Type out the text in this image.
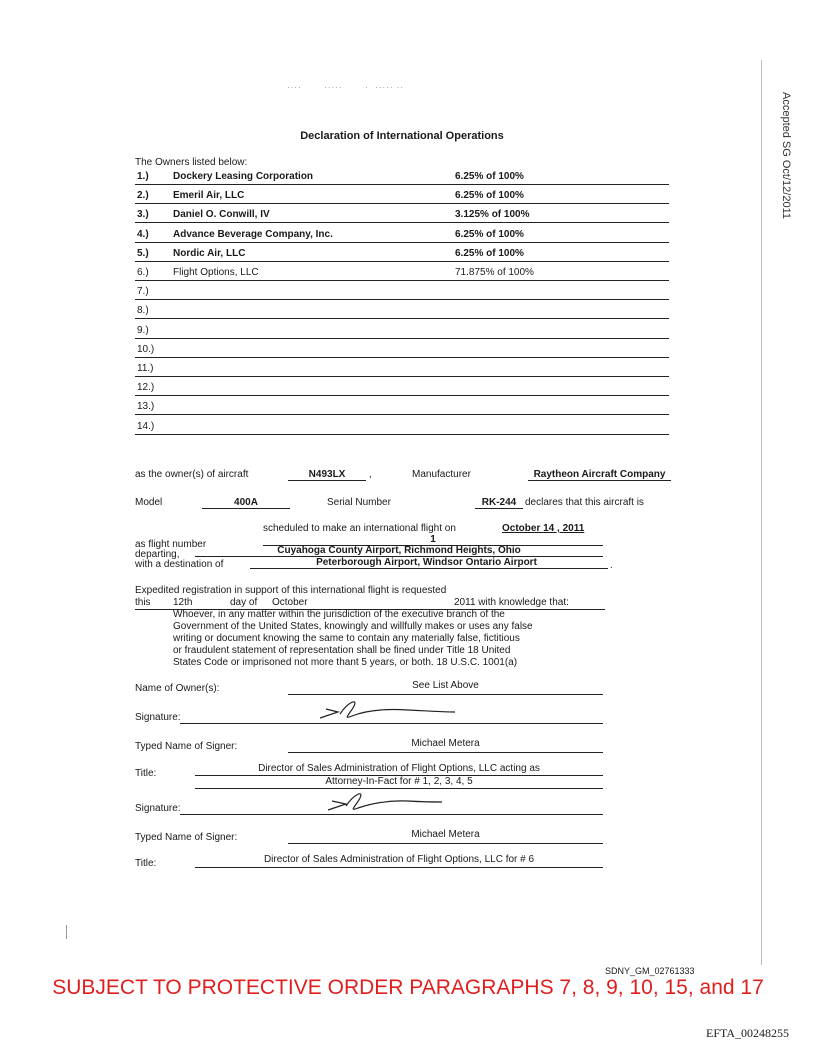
····       ·····       ·  ····· ··
Accepted SG Oct/12/2011
Declaration of International Operations
The Owners listed below:
1.) Dockery Leasing Corporation	6.25% of 100%
2.) Emeril Air, LLC	6.25% of 100%
3.) Daniel O. Conwill, IV	3.125% of 100%
4.) Advance Beverage Company, Inc.	6.25% of 100%
5.) Nordic Air, LLC	6.25% of 100%
6.) Flight Options, LLC	71.875% of 100%
7.)
8.)
9.)
10.)
11.)
12.)
13.)
14.)
as the owner(s) of aircraft	N493LX	,	Manufacturer	Raytheon Aircraft Company
Model	400A	Serial Number	RK-244 declares that this aircraft is
scheduled to make an international flight on	October 14 , 2011
as flight number	1
departing,	Cuyahoga County Airport, Richmond Heights, Ohio
with a destination of	Peterborough Airport, Windsor Ontario Airport	.
Expedited registration in support of this international flight is requested
this 12th	day of October	2011 with knowledge that:
Whoever, in any matter within the jurisdiction of the executive branch of the
Government of the United States, knowingly and willfully makes or uses any false
writing or document knowing the same to contain any materially false, fictitious
or fraudulent statement of representation shall be fined under Title 18 United
States Code or imprisoned not more thant 5 years, or both. 18 U.S.C. 1001(a)
Name of Owner(s):	See List Above
Signature:
Typed Name of Signer:	Michael Metera
Title:	Director of Sales Administration of Flight Options, LLC acting as
Attorney-In-Fact for # 1, 2, 3, 4, 5
Signature:
Typed Name of Signer:	Michael Metera
Title:	Director of Sales Administration of Flight Options, LLC for # 6
SDNY_GM_02761333
SUBJECT TO PROTECTIVE ORDER PARAGRAPHS 7, 8, 9, 10, 15, and 17
EFTA_00248255
